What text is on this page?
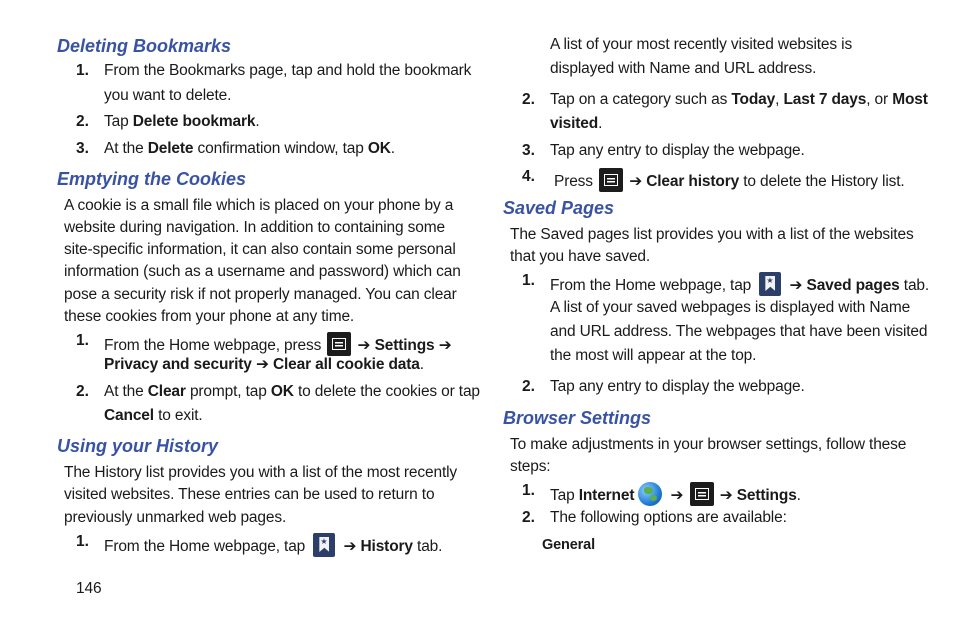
Deleting Bookmarks
1. From the Bookmarks page, tap and hold the bookmark
you want to delete.
2. Tap Delete bookmark.
3. At the Delete confirmation window, tap OK.
Emptying the Cookies
A cookie is a small file which is placed on your phone by a
website during navigation. In addition to containing some
site-specific information, it can also contain some personal
information (such as a username and password) which can
pose a security risk if not properly managed. You can clear
these cookies from your phone at any time.
1. From the Home webpage, press  ➔ Settings ➔
Privacy and security ➔ Clear all cookie data.
2. At the Clear prompt, tap OK to delete the cookies or tap
Cancel to exit.
Using your History
The History list provides you with a list of the most recently
visited websites. These entries can be used to return to
previously unmarked web pages.
1. From the Home webpage, tap ★ ➔ History tab.
146
A list of your most recently visited websites is
displayed with Name and URL address.
2. Tap on a category such as Today, Last 7 days, or Most
visited.
3. Tap any entry to display the webpage.
4. Press ➔ Clear history to delete the History list.
Saved Pages
The Saved pages list provides you with a list of the websites
that you have saved.
1. From the Home webpage, tap ★ ➔ Saved pages tab.
A list of your saved webpages is displayed with Name
and URL address. The webpages that have been visited
the most will appear at the top.
2. Tap any entry to display the webpage.
Browser Settings
To make adjustments in your browser settings, follow these
steps:
1. Tap Internet ➔ ➔ Settings.
2. The following options are available:
General
